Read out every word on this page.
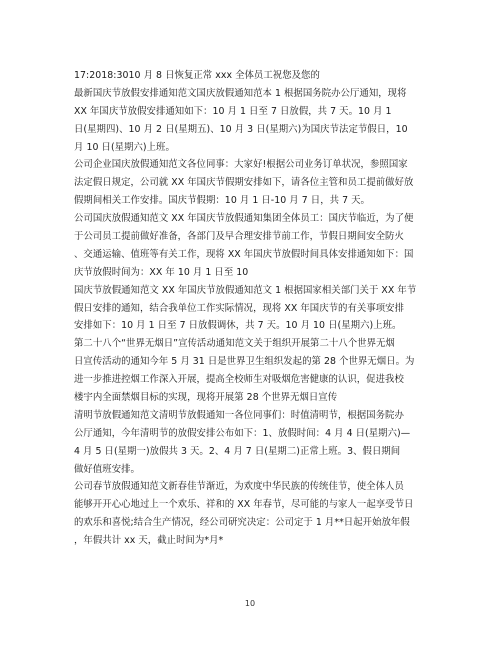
17:2018:3010 月 8 日恢复正常 xxx 全体员工祝您及您的
最新国庆节放假安排通知范文国庆放假通知范本 1 根据国务院办公厅通知，现将
XX 年国庆节放假安排通知如下：10 月 1 日至 7 日放假，共 7 天。10 月 1
日(星期四)、10 月 2 日(星期五)、10 月 3 日(星期六)为国庆节法定节假日，10
月 10 日(星期六)上班。
公司企业国庆放假通知范文各位同事：大家好!根据公司业务订单状况，参照国家
法定假日规定，公司就 XX 年国庆节假期安排如下，请各位主管和员工提前做好放
假期间相关工作安排。国庆节假期：10 月 1 日-10 月 7 日，共 7 天。
公司国庆放假通知范文 XX 年国庆节放假通知集团全体员工：国庆节临近，为了便
于公司员工提前做好准备，各部门及早合理安排节前工作，节假日期间安全防火
、交通运输、值班等有关工作，现将 XX 年国庆节放假时间具体安排通知如下：国
庆节放假时间为：XX 年 10 月 1 日至 10
国庆节放假通知范文 XX 年国庆节放假通知范文 1 根据国家相关部门关于 XX 年节
假日安排的通知，结合我单位工作实际情况，现将 XX 年国庆节的有关事项安排
安排如下：10 月 1 日至 7 日放假调休，共 7 天。10 月 10 日(星期六)上班。
第二十八个“世界无烟日”宣传活动通知范文关于组织开展第二十八个世界无烟
日宣传活动的通知今年 5 月 31 日是世界卫生组织发起的第 28 个世界无烟日。为
进一步推进控烟工作深入开展，提高全校师生对吸烟危害健康的认识，促进我校
楼宇内全面禁烟目标的实现，现将开展第 28 个世界无烟日宣传
清明节放假通知范文清明节放假通知一各位同事们：时值清明节，根据国务院办
公厅通知，今年清明节的放假安排公布如下：1、放假时间：4 月 4 日(星期六)—
4 月 5 日(星期一)放假共 3 天。2、4 月 7 日(星期二)正常上班。3、假日期间
做好值班安排。
公司春节放假通知范文新春佳节渐近，为欢度中华民族的传统佳节，使全体人员
能够开开心心地过上一个欢乐、祥和的 XX 年春节，尽可能的与家人一起享受节日
的欢乐和喜悦;结合生产情况，经公司研究决定：公司定于 1 月**日起开始放年假
，年假共计 xx 天，截止时间为*月*
10
